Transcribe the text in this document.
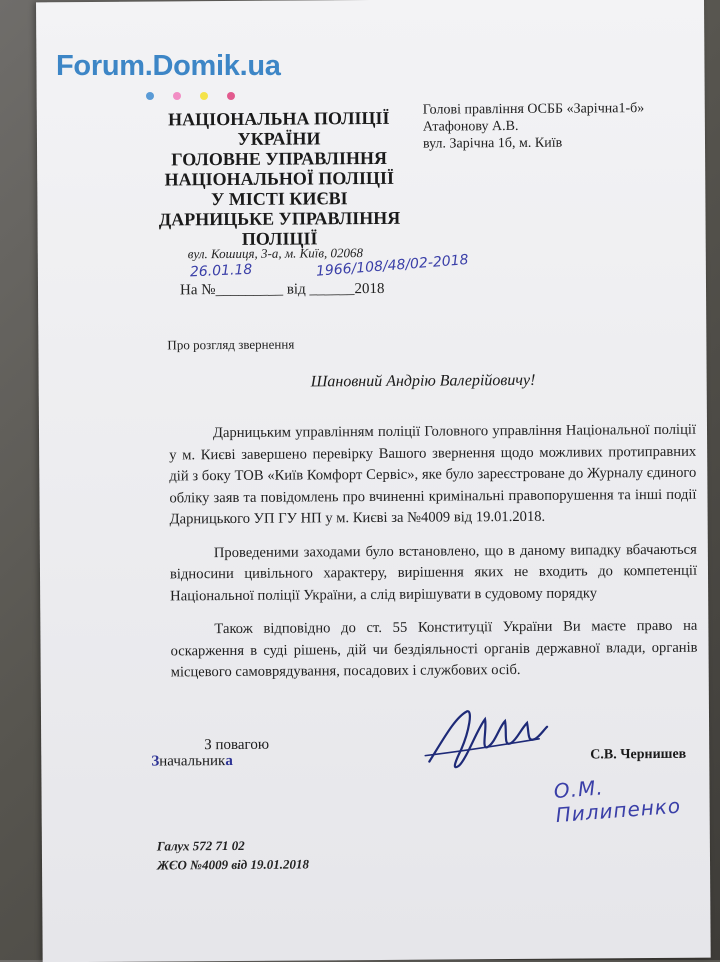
Forum.Domik.ua
НАЦІОНАЛЬНА ПОЛІЦІЇ
УКРАЇНИ
ГОЛОВНЕ УПРАВЛІННЯ
НАЦІОНАЛЬНОЇ ПОЛІЦІЇ
У МІСТІ КИЄВІ
ДАРНИЦЬКЕ УПРАВЛІННЯ
ПОЛІЦІЇ
вул. Кошиця, 3-а, м. Київ, 02068
26.01.18	1966/108/48/02-2018
На №_________ від ______2018
Голові правління ОСББ «Зарічна1-б»
Атафонову А.В.
вул. Зарічна 1б, м. Київ
Про розгляд звернення
Шановний Андрію Валерійовичу!

Дарницьким управлінням поліції Головного управління Національної поліції у м. Києві завершено перевірку Вашого звернення щодо можливих протиправних дій з боку ТОВ «Київ Комфорт Сервіс», яке було зареєстроване до Журналу єдиного обліку заяв та повідомлень про вчиненні кримінальні правопорушення та інші події Дарницького УП ГУ НП у м. Києві за №4009 від 19.01.2018.

Проведеними заходами було встановлено, що в даному випадку вбачаються відносини цивільного характеру, вирішення яких не входить до компетенції Національної поліції України, а слід вирішувати в судовому порядку

Також відповідно до ст. 55 Конституції України Ви маєте право на оскарження в суді рішень, дій чи бездіяльності органів державної влади, органів місцевого самоврядування, посадових і службових осіб.

З повагою
Значальника	С.В. Чернишев
О.М. Пилипенко
Галух 572 71 02
ЖЄО №4009 від 19.01.2018
